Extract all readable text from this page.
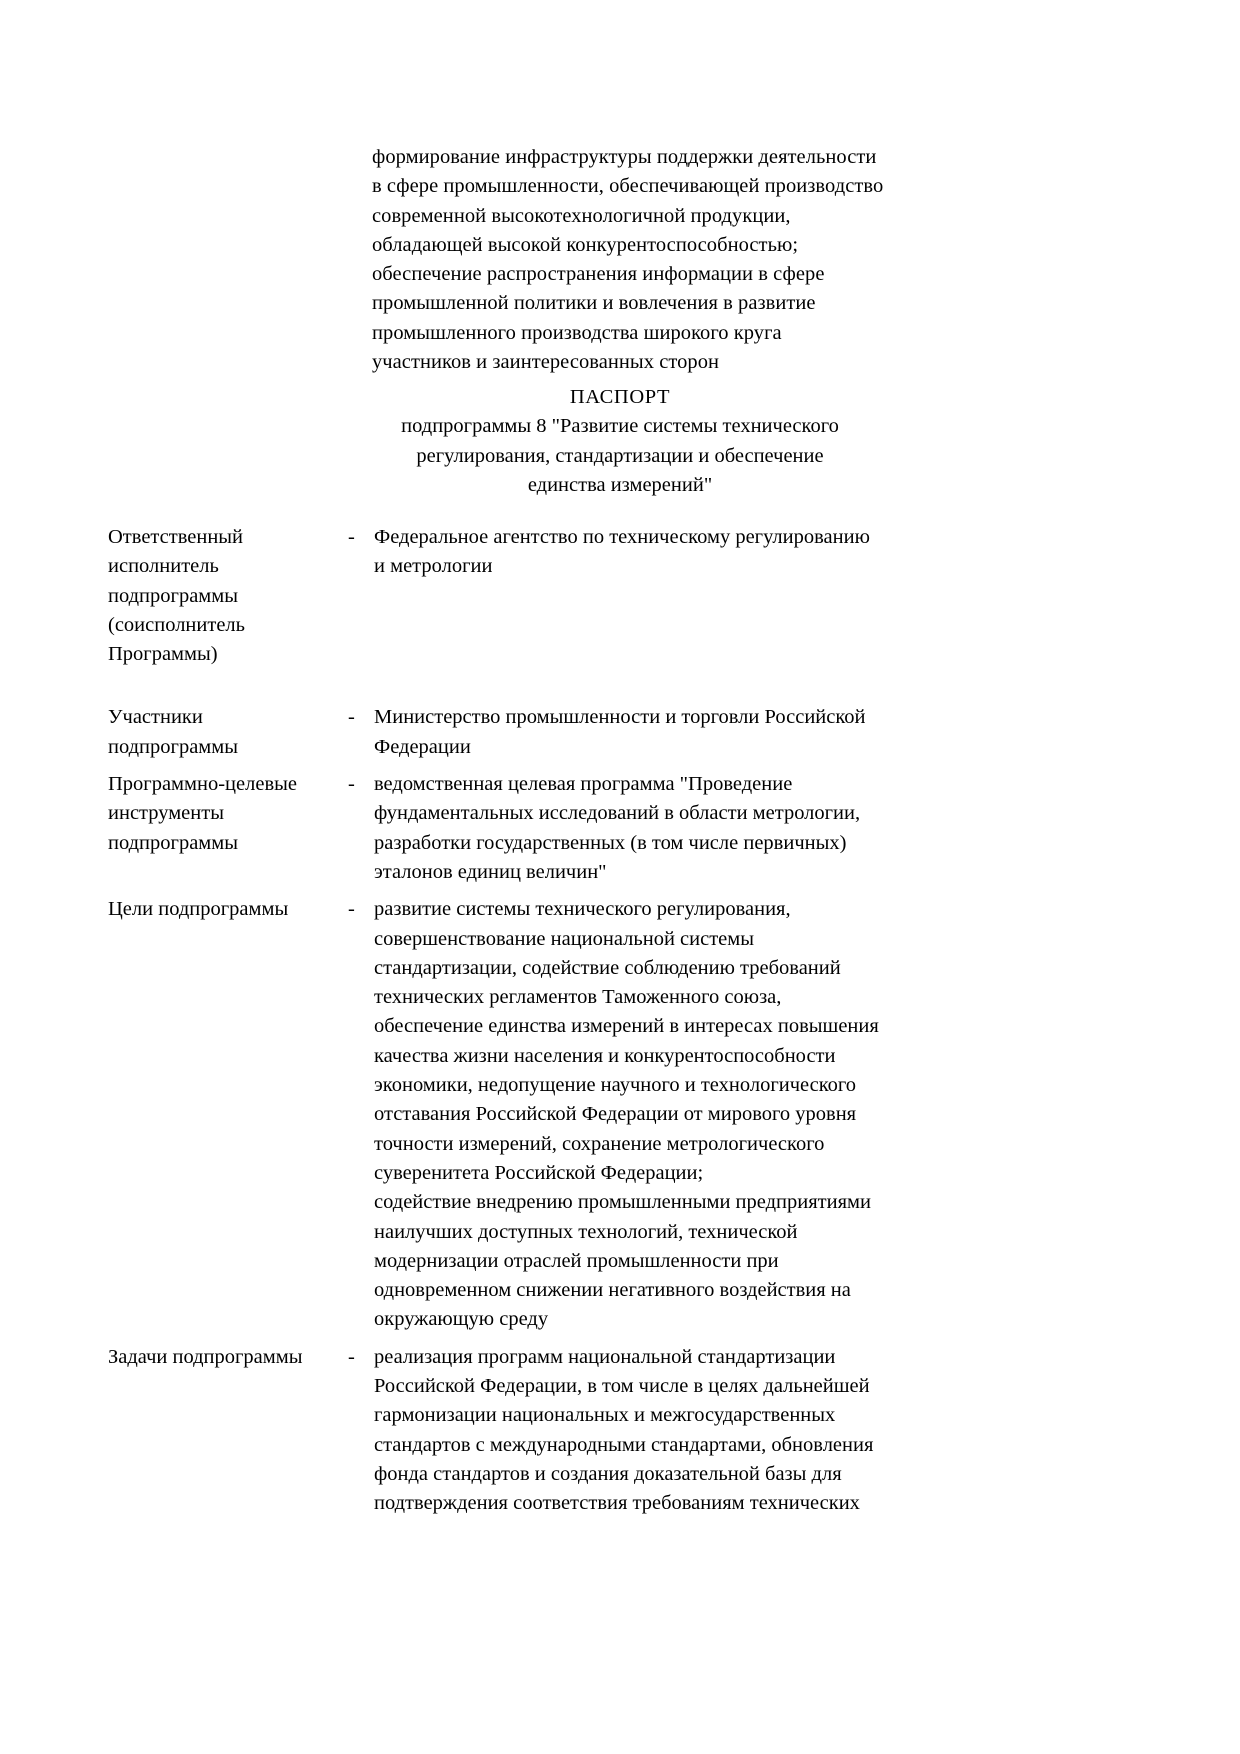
формирование инфраструктуры поддержки деятельности
в сфере промышленности, обеспечивающей производство
современной высокотехнологичной продукции,
обладающей высокой конкурентоспособностью;
обеспечение распространения информации в сфере
промышленной политики и вовлечения в развитие
промышленного производства широкого круга
участников и заинтересованных сторон
ПАСПОРТ
подпрограммы 8 "Развитие системы технического
регулирования, стандартизации и обеспечение
единства измерений"
Ответственный
исполнитель
подпрограммы
(соисполнитель
Программы)
- Федеральное агентство по техническому регулированию
и метрологии
Участники
подпрограммы
- Министерство промышленности и торговли Российской
Федерации
Программно-целевые
инструменты
подпрограммы
- ведомственная целевая программа "Проведение
фундаментальных исследований в области метрологии,
разработки государственных (в том числе первичных)
эталонов единиц величин"
Цели подпрограммы	- развитие системы технического регулирования,
совершенствование национальной системы
стандартизации, содействие соблюдению требований
технических регламентов Таможенного союза,
обеспечение единства измерений в интересах повышения
качества жизни населения и конкурентоспособности
экономики, недопущение научного и технологического
отставания Российской Федерации от мирового уровня
точности измерений, сохранение метрологического
суверенитета Российской Федерации;
содействие внедрению промышленными предприятиями
наилучших доступных технологий, технической
модернизации отраслей промышленности при
одновременном снижении негативного воздействия на
окружающую среду
Задачи подпрограммы	- реализация программ национальной стандартизации
Российской Федерации, в том числе в целях дальнейшей
гармонизации национальных и межгосударственных
стандартов с международными стандартами, обновления
фонда стандартов и создания доказательной базы для
подтверждения соответствия требованиям технических
